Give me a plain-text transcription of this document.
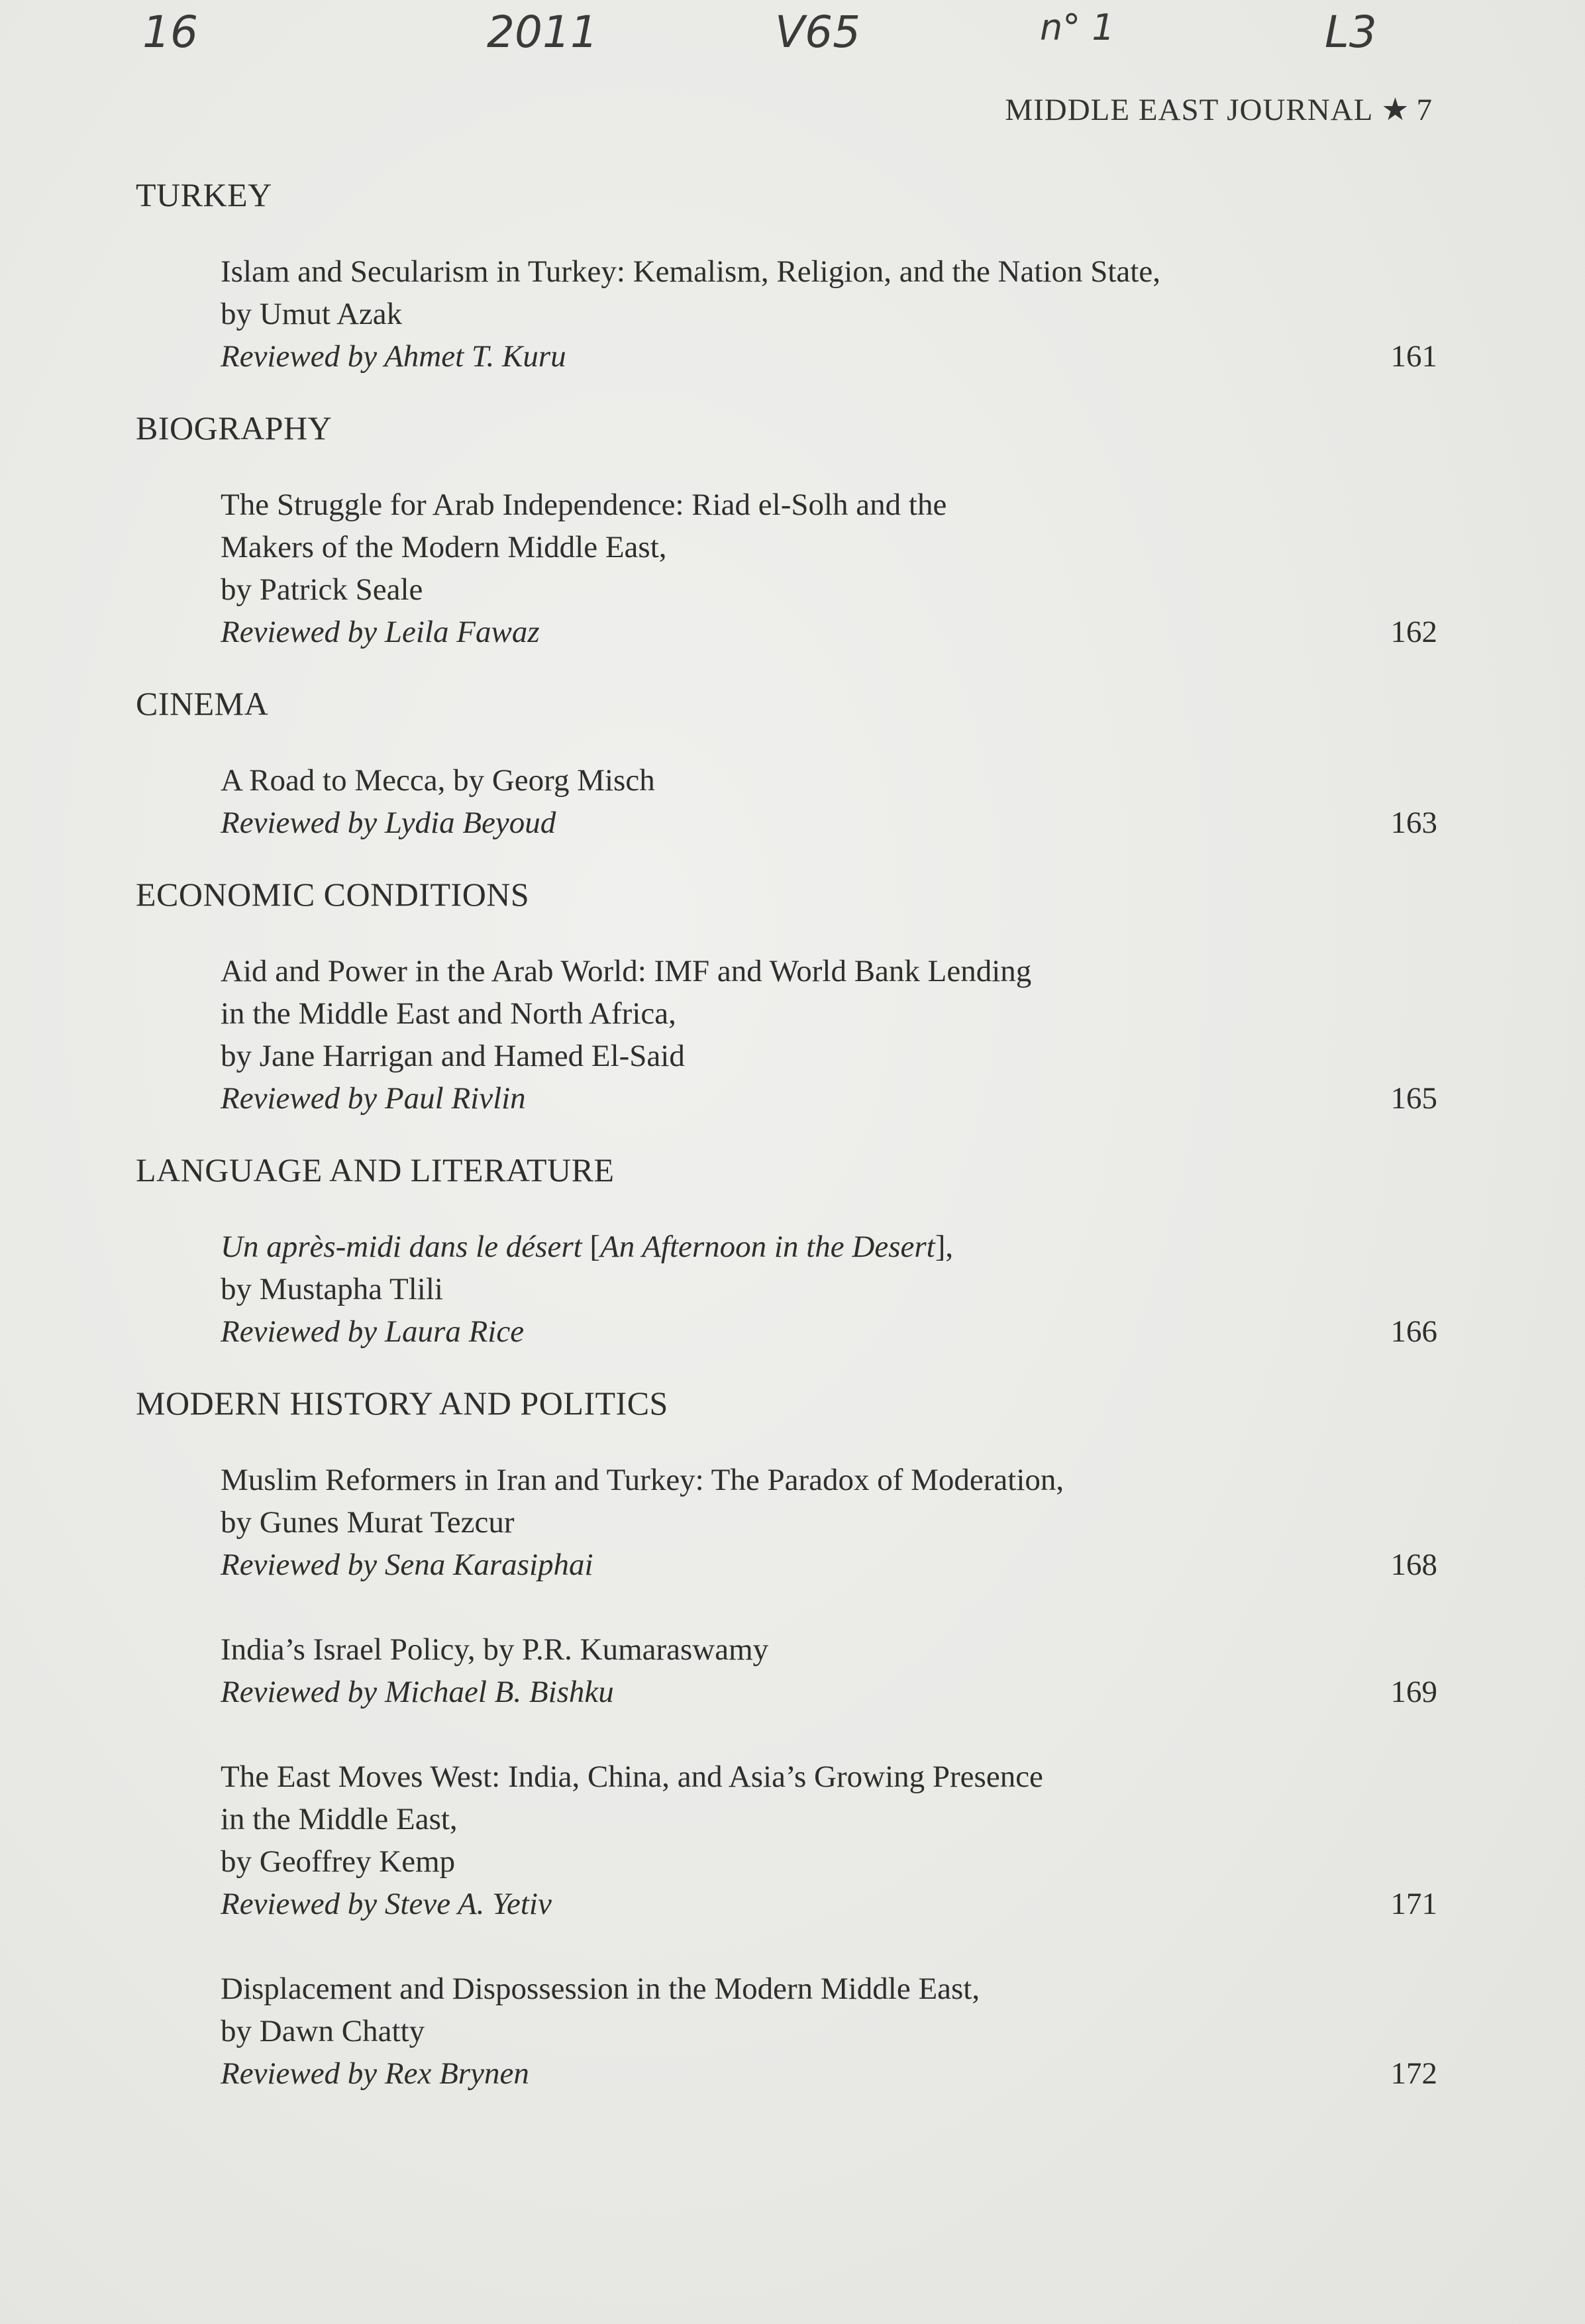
16	2011	V65	n° 1	L3
MIDDLE EAST JOURNAL ★ 7
TURKEY
Islam and Secularism in Turkey: Kemalism, Religion, and the Nation State,
by Umut Azak
Reviewed by Ahmet T. Kuru	161
BIOGRAPHY
The Struggle for Arab Independence: Riad el-Solh and the
Makers of the Modern Middle East,
by Patrick Seale
Reviewed by Leila Fawaz	162
CINEMA
A Road to Mecca, by Georg Misch
Reviewed by Lydia Beyoud	163
ECONOMIC CONDITIONS
Aid and Power in the Arab World: IMF and World Bank Lending
in the Middle East and North Africa,
by Jane Harrigan and Hamed El-Said
Reviewed by Paul Rivlin	165
LANGUAGE AND LITERATURE
Un après-midi dans le désert [An Afternoon in the Desert],
by Mustapha Tlili
Reviewed by Laura Rice	166
MODERN HISTORY AND POLITICS
Muslim Reformers in Iran and Turkey: The Paradox of Moderation,
by Gunes Murat Tezcur
Reviewed by Sena Karasiphai	168
India’s Israel Policy, by P.R. Kumaraswamy
Reviewed by Michael B. Bishku	169
The East Moves West: India, China, and Asia’s Growing Presence
in the Middle East,
by Geoffrey Kemp
Reviewed by Steve A. Yetiv	171
Displacement and Dispossession in the Modern Middle East,
by Dawn Chatty
Reviewed by Rex Brynen	172
